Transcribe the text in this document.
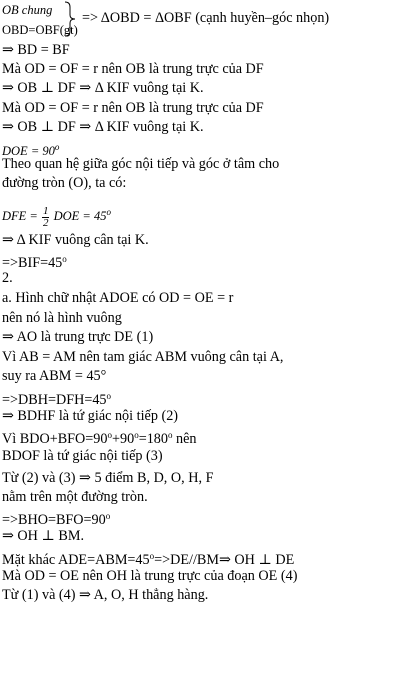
OB chung
OBD=OBF(gt)
=> ΔOBD = ΔOBF (cạnh huyền–góc nhọn)
⇒ BD = BF
Mà OD = OF = r nên OB là trung trực của DF
⇒ OB ⊥ DF ⇒ Δ KIF vuông tại K.
Mà OD = OF = r nên OB là trung trực của DF
⇒ OB ⊥ DF ⇒ Δ KIF vuông tại K.
DOE = $90^o$
Theo quan hệ giữa góc nội tiếp và góc ở tâm cho
đường tròn (O), ta có:
DFE = $\frac{1}{2}$ DOE = $45^o$
⇒ Δ KIF vuông cân tại K.
$=>BIF=45^o$
2.
a. Hình chữ nhật ADOE có OD = OE = r
nên nó là hình vuông
⇒ AO là trung trực DE (1)
Vì AB = AM nên tam giác ABM vuông cân tại A,
suy ra ABM = 45°
$=>DBH=DFH=45^o$
⇒ BDHF là tứ giác nội tiếp (2)
Vì $BDO+BFO=90^o+90^o=180^o$ nên
BDOF là tứ giác nội tiếp (3)
Từ (2) và (3) ⇒ 5 điểm B, D, O, H, F
nằm trên một đường tròn.
$=>BHO=BFO=90^o$
⇒ OH ⊥ BM.
Mặt khác $ADE=ABM=45^o=>DE//BM\Rightarrow$ OH ⊥ DE
Mà OD = OE nên OH là trung trực của đoạn OE (4)
Từ (1) và (4) ⇒ A, O, H thẳng hàng.
